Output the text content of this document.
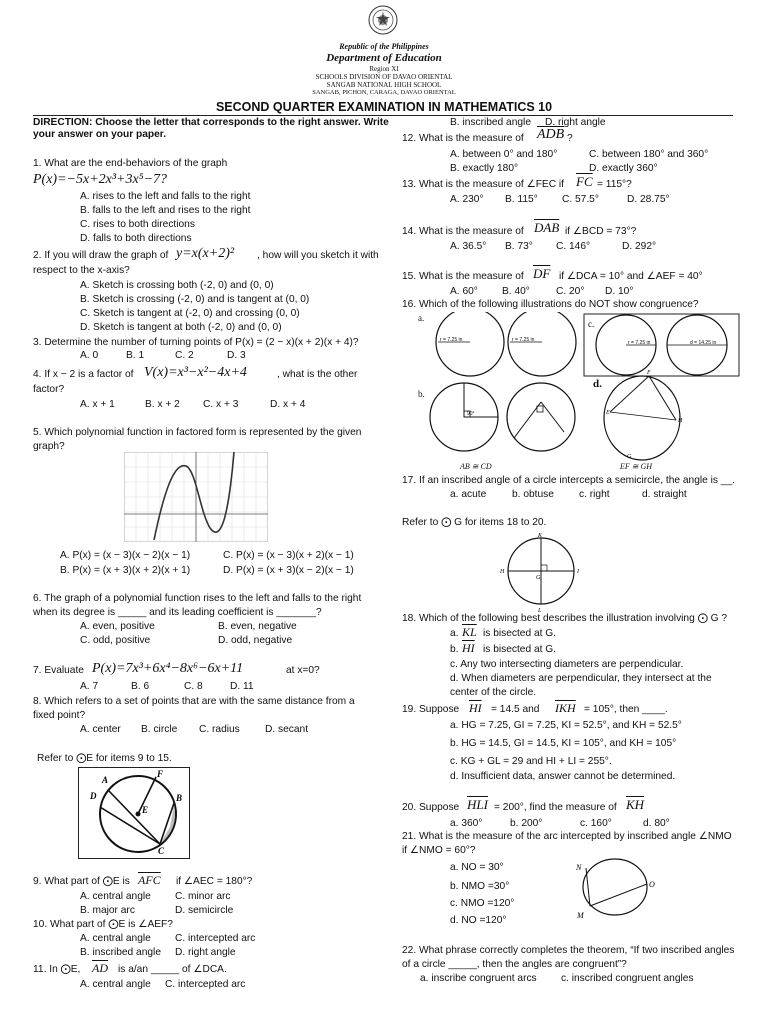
Republic of the Philippines
Department of Education
Region XI
SCHOOLS DIVISION OF DAVAO ORIENTAL
SANGAB NATIONAL HIGH SCHOOL
SANGAB, PICHON, CARAGA, DAVAO ORIENTAL
SECOND QUARTER EXAMINATION IN MATHEMATICS 10
DIRECTION: Choose the letter that corresponds to the right answer. Write
your answer on your paper.
1. What are the end-behaviors of the graph
P(x)=−5x+2x³+3x⁵−7?
A. rises to the left and falls to the right
B. falls to the left and rises to the right
C. rises to both directions
D. falls to both directions
2. If you will draw the graph of y=x(x+2)² , how will you sketch it with
respect to the x-axis?
A. Sketch is crossing both (-2, 0) and (0, 0)
B. Sketch is crossing (-2, 0) and is tangent at (0, 0)
C. Sketch is tangent at (-2, 0) and crossing (0, 0)
D. Sketch is tangent at both (-2, 0) and (0, 0)
3. Determine the number of turning points of P(x) = (2 − x)(x + 2)(x + 4)?
A. 0	B. 1	C. 2	D. 3
4. If x − 2 is a factor of V(x)=x³−x²−4x+4	, what is the other
factor?
A. x + 1	B. x + 2 C. x + 3	D. x + 4
5. Which polynomial function in factored form is represented by the given
graph?
A. P(x) = (x − 3)(x − 2)(x − 1)	C. P(x) = (x − 3)(x + 2)(x − 1)
B. P(x) = (x + 3)(x + 2)(x + 1)	D. P(x) = (x + 3)(x − 2)(x − 1)
6. The graph of a polynomial function rises to the left and falls to the right
when its degree is _____ and its leading coefficient is _______?
A. even, positive	B. even, negative
C. odd, positive	D. odd, negative
7. Evaluate P(x)=7x³+6x⁴−8x⁶−6x+11	at x=0?
A. 7	B. 6	C. 8	D. 11
8. Which refers to a set of points that are with the same distance from a
fixed point?
A. center B. circle C. radius D. secant
Refer to ⨀E for items 9 to 15.
A
F
D
E
B
C
9. What part of ⨀E is $\overline{AFC}$ if ∠AEC = 180°?
A. central angle C. minor arc
B. major arc	D. semicircle
10. What part of ⨀E is ∠AEF?
A. central angle C. intercepted arc
B. inscribed angle D. right angle
11. In ⨀E, $\overline{AD}$ is a/an _____ of ∠DCA.
A. central angle C. intercepted arc
B. inscribed angle D. right angle
12. What is the measure of $\overline{ADB}$ ?
A. between 0° and 180°	C. between 180° and 360°
B. exactly 180°	D. exactly 360°
13. What is the measure of ∠FEC if $\overline{FC} = 115^\circ$?
A. 230° B. 115° C. 57.5°	D. 28.75°
14. What is the measure of $\overline{DAB}$ if ∠BCD = 73°?
A. 36.5° B. 73° C. 146°	D. 292°
15. What is the measure of $\overline{DF}$ if ∠DCA = 10° and ∠AEF = 40°
A. 60° B. 40°	C. 20° D. 10°
16. Which of the following illustrations do NOT show congruence?
E
F
H
G
a.
c.
b.
d.
r = 7.25 in	r = 7.25 in	r = 7.25 in	d = 14.25 in
90°
AB ≅ CD	EF ≅ GH
17. If an inscribed angle of a circle intercepts a semicircle, the angle is __.
a. acute	b. obtuse c. right	d. straight
Refer to ⨀ G for items 18 to 20.
K
H	I
G
L
18. Which of the following best describes the illustration involving ⨀ G ?
a. $\overline{KL}$ is bisected at G.
b. $\overline{HI}$ is bisected at G.
c. Any two intersecting diameters are perpendicular.
d. When diameters are perpendicular, they intersect at the
center of the circle.
19. Suppose $\overline{HI} = 14.5$ and $\overline{IKH} = 105^\circ$, then ____.
a. HG = 7.25, GI = 7.25, KI = 52.5°, and KH = 52.5°
b. HG = 14.5, GI = 14.5, KI = 105°, and KH = 105°
c. KG + GL = 29 and HI + LI = 255°.
d. Insufficient data, answer cannot be determined.
20. Suppose $\overline{HLI} = 200^\circ$, find the measure of $\overline{KH}$
a. 360°	b. 200°	c. 160°	d. 80°
21. What is the measure of the arc intercepted by inscribed angle ∠NMO
if ∠NMO = 60°?
a. NO = 30°
b. NMO =30°
c. NMO =120°
d. NO =120°
N
O
M
22. What phrase correctly completes the theorem, “If two inscribed angles
of a circle _____, then the angles are congruent”?
a. inscribe congruent arcs c. inscribed congruent angles
